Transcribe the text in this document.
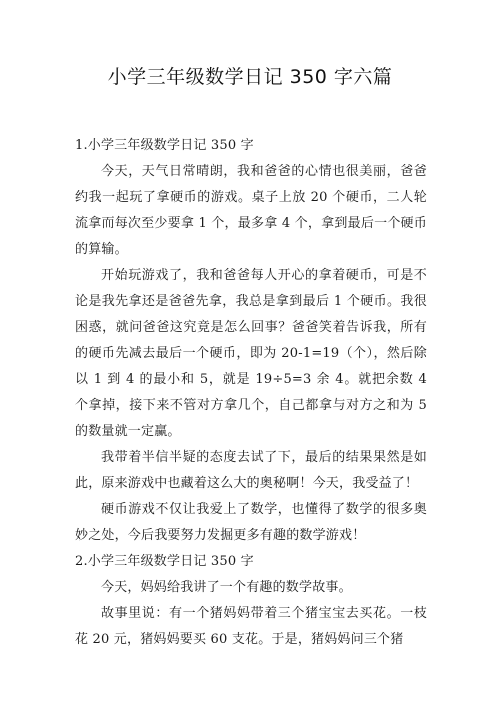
小学三年级数学日记 350 字六篇

1.小学三年级数学日记 350 字

今天，天气日常晴朗，我和爸爸的心情也很美丽，爸爸约我一起玩了拿硬币的游戏。桌子上放 20 个硬币，二人轮流拿而每次至少要拿 1 个，最多拿 4 个，拿到最后一个硬币的算输。

开始玩游戏了，我和爸爸每人开心的拿着硬币，可是不论是我先拿还是爸爸先拿，我总是拿到最后 1 个硬币。我很困惑，就问爸爸这究竟是怎么回事？爸爸笑着告诉我，所有的硬币先减去最后一个硬币，即为 20-1=19（个），然后除以 1 到 4 的最小和 5，就是 19÷5=3 余 4。就把余数 4 个拿掉，接下来不管对方拿几个，自己都拿与对方之和为 5 的数量就一定赢。

我带着半信半疑的态度去试了下，最后的结果果然是如此，原来游戏中也藏着这么大的奥秘啊！今天，我受益了！

硬币游戏不仅让我爱上了数学，也懂得了数学的很多奥妙之处，今后我要努力发掘更多有趣的数学游戏！

2.小学三年级数学日记 350 字

今天，妈妈给我讲了一个有趣的数学故事。

故事里说：有一个猪妈妈带着三个猪宝宝去买花。一枝花 20 元，猪妈妈要买 60 支花。于是，猪妈妈问三个猪
